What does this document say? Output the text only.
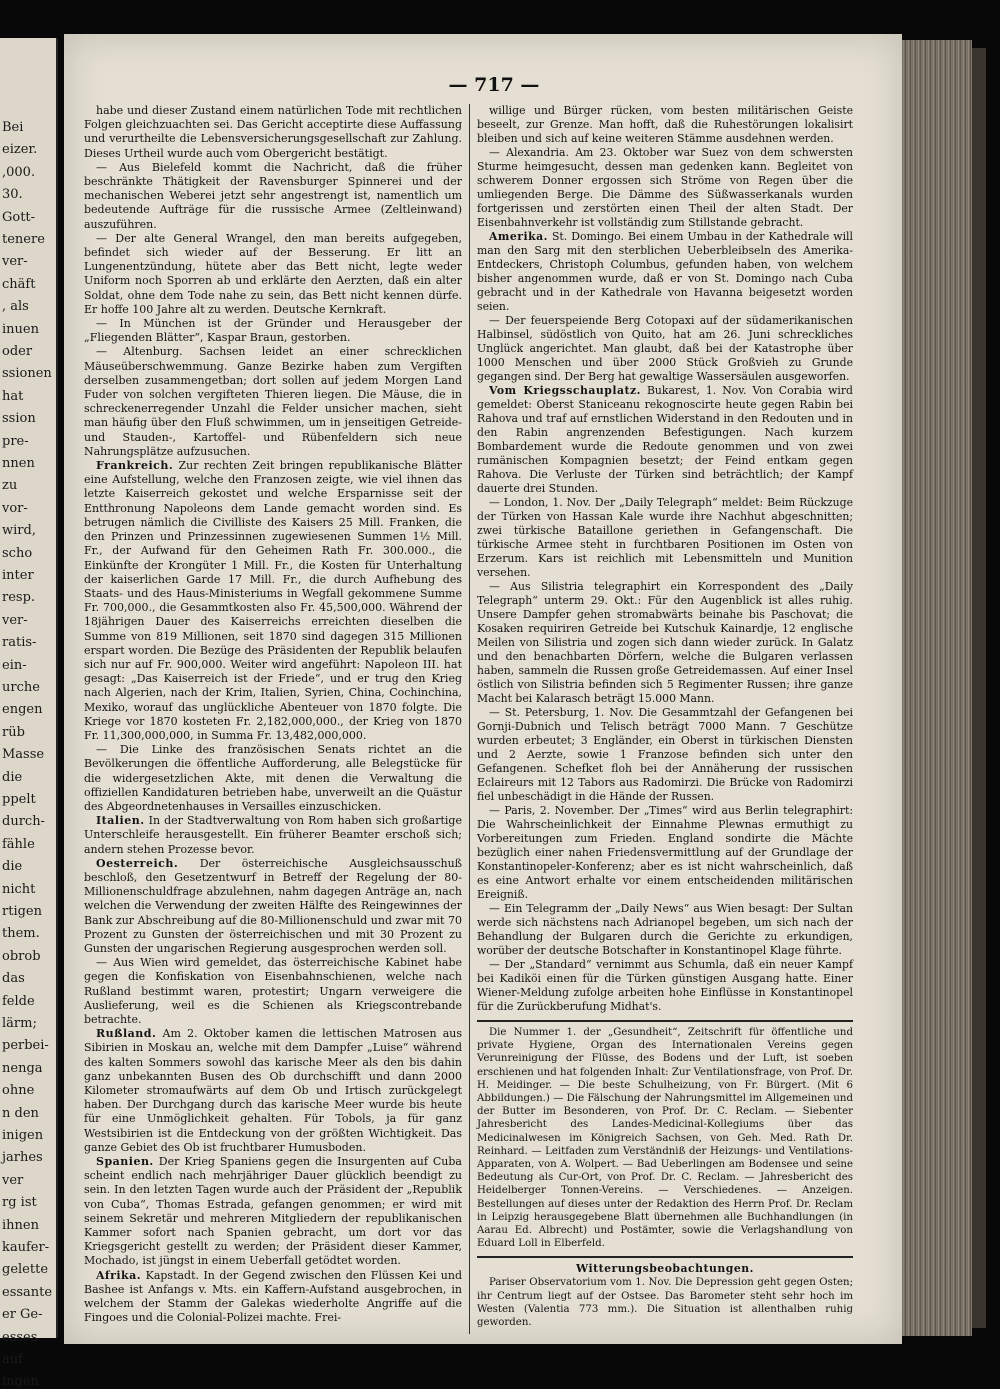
Bei
eizer.
,000.
30.
Gott-
tenere
ver-
chäft
, als
inuen
oder
ssionen
hat
ssion
pre-
nnen
zu
vor-
wird,
scho
inter
resp.
ver-
ratis-
ein-
urche
engen
rüb
Masse
die
ppelt
durch-
fähle
die
nicht
rtigen
them.
obrob
das
felde
lärm;
perbei-
nenga
ohne
n den
inigen
jarhes
ver
rg ist
ihnen
kaufer-
gelette
essante
er Ge-
esses
auf
ingen
— 717 —

habe und dieser Zustand einem natürlichen Tode mit rechtlichen Folgen gleichzuachten sei. Das Gericht acceptirte diese Auffassung und verurtheilte die Lebensversicherungsgesellschaft zur Zahlung. Dieses Urtheil wurde auch vom Obergericht bestätigt.

— Aus Bielefeld kommt die Nachricht, daß die früher beschränkte Thätigkeit der Ravensburger Spinnerei und der mechanischen Weberei jetzt sehr angestrengt ist, namentlich um bedeutende Aufträge für die russische Armee (Zeltleinwand) auszuführen.

— Der alte General Wrangel, den man bereits aufgegeben, befindet sich wieder auf der Besserung. Er litt an Lungenentzündung, hütete aber das Bett nicht, legte weder Uniform noch Sporren ab und erklärte den Aerzten, daß ein alter Soldat, ohne dem Tode nahe zu sein, das Bett nicht kennen dürfe. Er hoffe 100 Jahre alt zu werden. Deutsche Kernkraft.

— In München ist der Gründer und Herausgeber der „Fliegenden Blätter“, Kaspar Braun, gestorben.

— Altenburg. Sachsen leidet an einer schrecklichen Mäuseüberschwemmung. Ganze Bezirke haben zum Vergiften derselben zusammengetban; dort sollen auf jedem Morgen Land Fuder von solchen vergifteten Thieren liegen. Die Mäuse, die in schreckenerregender Unzahl die Felder unsicher machen, sieht man häufig über den Fluß schwimmen, um in jenseitigen Getreide- und Stauden-, Kartoffel- und Rübenfeldern sich neue Nahrungsplätze aufzusuchen.

Frankreich. Zur rechten Zeit bringen republikanische Blätter eine Aufstellung, welche den Franzosen zeigte, wie viel ihnen das letzte Kaiserreich gekostet und welche Ersparnisse seit der Entthronung Napoleons dem Lande gemacht worden sind. Es betrugen nämlich die Civilliste des Kaisers 25 Mill. Franken, die den Prinzen und Prinzessinnen zugewiesenen Summen 1½ Mill. Fr., der Aufwand für den Geheimen Rath Fr. 300.000., die Einkünfte der Krongüter 1 Mill. Fr., die Kosten für Unterhaltung der kaiserlichen Garde 17 Mill. Fr., die durch Aufhebung des Staats- und des Haus-Ministeriums in Wegfall gekommene Summe Fr. 700,000., die Gesammtkosten also Fr. 45,500,000. Während der 18jährigen Dauer des Kaiserreichs erreichten dieselben die Summe von 819 Millionen, seit 1870 sind dagegen 315 Millionen erspart worden. Die Bezüge des Präsidenten der Republik belaufen sich nur auf Fr. 900,000. Weiter wird angeführt: Napoleon III. hat gesagt: „Das Kaiserreich ist der Friede“, und er trug den Krieg nach Algerien, nach der Krim, Italien, Syrien, China, Cochinchina, Mexiko, worauf das unglückliche Abenteuer von 1870 folgte. Die Kriege vor 1870 kosteten Fr. 2,182,000,000., der Krieg von 1870 Fr. 11,300,000,000, in Summa Fr. 13,482,000,000.

— Die Linke des französischen Senats richtet an die Bevölkerungen die öffentliche Aufforderung, alle Belegstücke für die widergesetzlichen Akte, mit denen die Verwaltung die offiziellen Kandidaturen betrieben habe, unverweilt an die Quästur des Abgeordnetenhauses in Versailles einzuschicken.

Italien. In der Stadtverwaltung von Rom haben sich großartige Unterschleife herausgestellt. Ein früherer Beamter erschoß sich; andern stehen Prozesse bevor.

Oesterreich. Der österreichische Ausgleichsausschuß beschloß, den Gesetzentwurf in Betreff der Regelung der 80-Millionenschuldfrage abzulehnen, nahm dagegen Anträge an, nach welchen die Verwendung der zweiten Hälfte des Reingewinnes der Bank zur Abschreibung auf die 80-Millionenschuld und zwar mit 70 Prozent zu Gunsten der österreichischen und mit 30 Prozent zu Gunsten der ungarischen Regierung ausgesprochen werden soll.

— Aus Wien wird gemeldet, das österreichische Kabinet habe gegen die Konfiskation von Eisenbahnschienen, welche nach Rußland bestimmt waren, protestirt; Ungarn verweigere die Auslieferung, weil es die Schienen als Kriegscontrebande betrachte.

Rußland. Am 2. Oktober kamen die lettischen Matrosen aus Sibirien in Moskau an, welche mit dem Dampfer „Luise“ während des kalten Sommers sowohl das karische Meer als den bis dahin ganz unbekannten Busen des Ob durchschifft und dann 2000 Kilometer stromaufwärts auf dem Ob und Irtisch zurückgelegt haben. Der Durchgang durch das karische Meer wurde bis heute für eine Unmöglichkeit gehalten. Für Tobols, ja für ganz Westsibirien ist die Entdeckung von der größten Wichtigkeit. Das ganze Gebiet des Ob ist fruchtbarer Humusboden.

Spanien. Der Krieg Spaniens gegen die Insurgenten auf Cuba scheint endlich nach mehrjähriger Dauer glücklich beendigt zu sein. In den letzten Tagen wurde auch der Präsident der „Republik von Cuba“, Thomas Estrada, gefangen genommen; er wird mit seinem Sekretär und mehreren Mitgliedern der republikanischen Kammer sofort nach Spanien gebracht, um dort vor das Kriegsgericht gestellt zu werden; der Präsident dieser Kammer, Mochado, ist jüngst in einem Ueberfall getödtet worden.

Afrika. Kapstadt. In der Gegend zwischen den Flüssen Kei und Bashee ist Anfangs v. Mts. ein Kaffern-Aufstand ausgebrochen, in welchem der Stamm der Galekas wiederholte Angriffe auf die Fingoes und die Colonial-Polizei machte. Frei-

willige und Bürger rücken, vom besten militärischen Geiste beseelt, zur Grenze. Man hofft, daß die Ruhestörungen lokalisirt bleiben und sich auf keine weiteren Stämme ausdehnen werden.

— Alexandria. Am 23. Oktober war Suez von dem schwersten Sturme heimgesucht, dessen man gedenken kann. Begleitet von schwerem Donner ergossen sich Ströme von Regen über die umliegenden Berge. Die Dämme des Süßwasserkanals wurden fortgerissen und zerstörten einen Theil der alten Stadt. Der Eisenbahnverkehr ist vollständig zum Stillstande gebracht.

Amerika. St. Domingo. Bei einem Umbau in der Kathedrale will man den Sarg mit den sterblichen Ueberbleibseln des Amerika-Entdeckers, Christoph Columbus, gefunden haben, von welchem bisher angenommen wurde, daß er von St. Domingo nach Cuba gebracht und in der Kathedrale von Havanna beigesetzt worden seien.

— Der feuerspeiende Berg Cotopaxi auf der südamerikanischen Halbinsel, südöstlich von Quito, hat am 26. Juni schreckliches Unglück angerichtet. Man glaubt, daß bei der Katastrophe über 1000 Menschen und über 2000 Stück Großvieh zu Grunde gegangen sind. Der Berg hat gewaltige Wassersäulen ausgeworfen.

Vom Kriegsschauplatz. Bukarest, 1. Nov. Von Corabia wird gemeldet: Oberst Staniceanu rekognoscirte heute gegen Rabin bei Rahova und traf auf ernstlichen Widerstand in den Redouten und in den Rabin angrenzenden Befestigungen. Nach kurzem Bombardement wurde die Redoute genommen und von zwei rumänischen Kompagnien besetzt; der Feind entkam gegen Rahova. Die Verluste der Türken sind beträchtlich; der Kampf dauerte drei Stunden.

— London, 1. Nov. Der „Daily Telegraph“ meldet: Beim Rückzuge der Türken von Hassan Kale wurde ihre Nachhut abgeschnitten; zwei türkische Bataillone geriethen in Gefangenschaft. Die türkische Armee steht in furchtbaren Positionen im Osten von Erzerum. Kars ist reichlich mit Lebensmitteln und Munition versehen.

— Aus Silistria telegraphirt ein Korrespondent des „Daily Telegraph“ unterm 29. Okt.: Für den Augenblick ist alles ruhig. Unsere Dampfer gehen stromabwärts beinahe bis Paschovat; die Kosaken requiriren Getreide bei Kutschuk Kainardje, 12 englische Meilen von Silistria und zogen sich dann wieder zurück. In Galatz und den benachbarten Dörfern, welche die Bulgaren verlassen haben, sammeln die Russen große Getreidemassen. Auf einer Insel östlich von Silistria befinden sich 5 Regimenter Russen; ihre ganze Macht bei Kalarasch beträgt 15.000 Mann.

— St. Petersburg, 1. Nov. Die Gesammtzahl der Gefangenen bei Gornji-Dubnich und Telisch beträgt 7000 Mann. 7 Geschütze wurden erbeutet; 3 Engländer, ein Oberst in türkischen Diensten und 2 Aerzte, sowie 1 Franzose befinden sich unter den Gefangenen. Schefket floh bei der Annäherung der russischen Eclaireurs mit 12 Tabors aus Radomirzi. Die Brücke von Radomirzi fiel unbeschädigt in die Hände der Russen.

— Paris, 2. November. Der „Times“ wird aus Berlin telegraphirt: Die Wahrscheinlichkeit der Einnahme Plewnas ermuthigt zu Vorbereitungen zum Frieden. England sondirte die Mächte bezüglich einer nahen Friedensvermittlung auf der Grundlage der Konstantinopeler-Konferenz; aber es ist nicht wahrscheinlich, daß es eine Antwort erhalte vor einem entscheidenden militärischen Ereigniß.

— Ein Telegramm der „Daily News“ aus Wien besagt: Der Sultan werde sich nächstens nach Adrianopel begeben, um sich nach der Behandlung der Bulgaren durch die Gerichte zu erkundigen, worüber der deutsche Botschafter in Konstantinopel Klage führte.

— Der „Standard“ vernimmt aus Schumla, daß ein neuer Kampf bei Kadiköi einen für die Türken günstigen Ausgang hatte. Einer Wiener-Meldung zufolge arbeiten hohe Einflüsse in Konstantinopel für die Zurückberufung Midhat's.

Die Nummer 1. der „Gesundheit“, Zeitschrift für öffentliche und private Hygiene, Organ des Internationalen Vereins gegen Verunreinigung der Flüsse, des Bodens und der Luft, ist soeben erschienen und hat folgenden Inhalt: Zur Ventilationsfrage, von Prof. Dr. H. Meidinger. — Die beste Schulheizung, von Fr. Bürgert. (Mit 6 Abbildungen.) — Die Fälschung der Nahrungsmittel im Allgemeinen und der Butter im Besonderen, von Prof. Dr. C. Reclam. — Siebenter Jahresbericht des Landes-Medicinal-Kollegiums über das Medicinalwesen im Königreich Sachsen, von Geh. Med. Rath Dr. Reinhard. — Leitfaden zum Verständniß der Heizungs- und Ventilations-Apparaten, von A. Wolpert. — Bad Ueberlingen am Bodensee und seine Bedeutung als Cur-Ort, von Prof. Dr. C. Reclam. — Jahresbericht des Heidelberger Tonnen-Vereins. — Verschiedenes. — Anzeigen. Bestellungen auf dieses unter der Redaktion des Herrn Prof. Dr. Reclam in Leipzig herausgegebene Blatt übernehmen alle Buchhandlungen (in Aarau Ed. Albrecht) und Postämter, sowie die Verlagshandlung von Eduard Loll in Elberfeld.

Witterungsbeobachtungen.

Pariser Observatorium vom 1. Nov. Die Depression geht gegen Osten; ihr Centrum liegt auf der Ostsee. Das Barometer steht sehr hoch im Westen (Valentia 773 mm.). Die Situation ist allenthalben ruhig geworden.
